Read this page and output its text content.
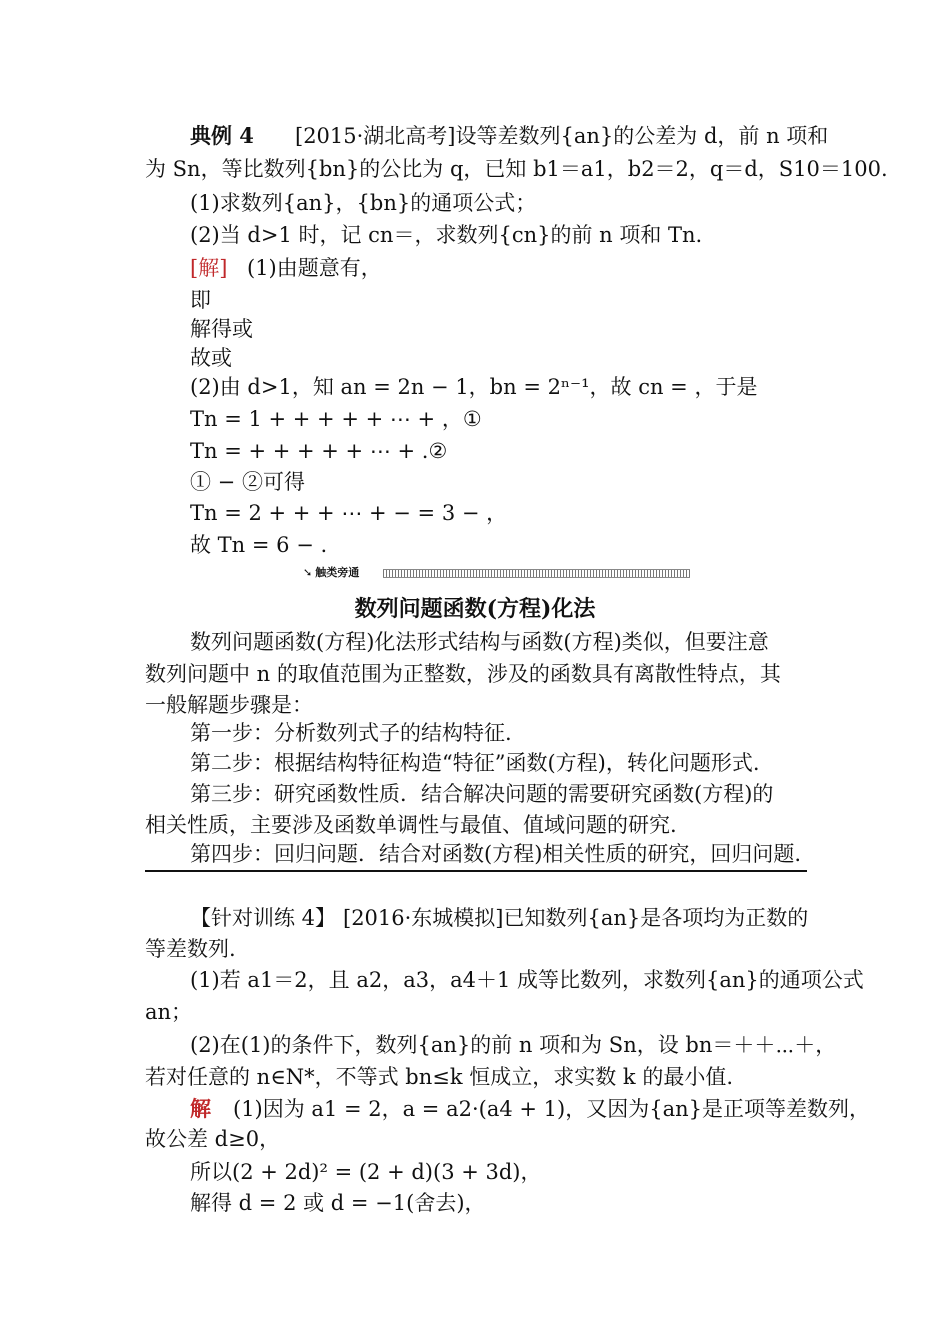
典例 4 [2015·湖北高考]设等差数列{an}的公差为 d，前 n 项和
为 Sn，等比数列{bn}的公比为 q，已知 b1＝a1，b2＝2，q＝d，S10＝100.
(1)求数列{an}，{bn}的通项公式；
(2)当 d>1 时，记 cn＝，求数列{cn}的前 n 项和 Tn.
[解] (1)由题意有，
即
解得或
故或
(2)由 d>1，知 an = 2n − 1，bn = 2ⁿ⁻¹，故 cn = ，于是
Tn = 1 + + + + + ⋯ + ，①
Tn = + + + + + ⋯ + .②
① − ②可得
Tn = 2 + + + ⋯ + − = 3 − ，
故 Tn = 6 − .
➘ 触类旁通
数列问题函数(方程)化法
数列问题函数(方程)化法形式结构与函数(方程)类似，但要注意
数列问题中 n 的取值范围为正整数，涉及的函数具有离散性特点，其
一般解题步骤是：
第一步：分析数列式子的结构特征.
第二步：根据结构特征构造“特征”函数(方程)，转化问题形式.
第三步：研究函数性质．结合解决问题的需要研究函数(方程)的
相关性质，主要涉及函数单调性与最值、值域问题的研究.
第四步：回归问题．结合对函数(方程)相关性质的研究，回归问题.
【针对训练 4】 [2016·东城模拟]已知数列{an}是各项均为正数的
等差数列.
(1)若 a1＝2，且 a2，a3，a4＋1 成等比数列，求数列{an}的通项公式
an；
(2)在(1)的条件下，数列{an}的前 n 项和为 Sn，设 bn＝＋＋⋯＋，
若对任意的 n∈N*，不等式 bn≤k 恒成立，求实数 k 的最小值.
解 (1)因为 a1 = 2，a = a2·(a4 + 1)，又因为{an}是正项等差数列，
故公差 d≥0，
所以(2 + 2d)² = (2 + d)(3 + 3d)，
解得 d = 2 或 d = −1(舍去)，
